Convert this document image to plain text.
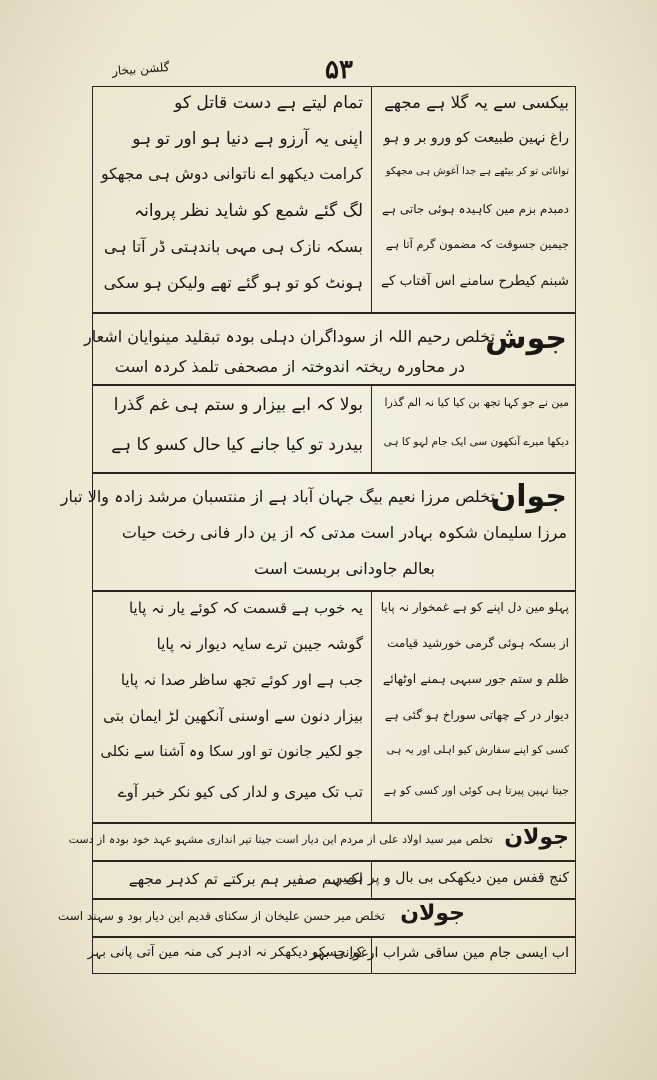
گلشن بیخار	۵۳
بیکسی سے یہ گلا ہے مجھے
راغ نہین طبیعت کو ورو بر و ہو
توانائی تو کر بیٹھے ہے جدا آغوش ہی مجھکو
دمبدم بزم مین کاہیدہ ہوئی جاتی ہے
جیمین جسوقت کہ مضمون گرم آتا ہے
شبنم کیطرح سامنے اس آفتاب کے
تمام لیتے ہے دست قاتل کو
اپنی یہ آرزو ہے دنیا ہو اور تو ہو
کرامت دیکھو اے ناتوانی دوش ہی مجھکو
لگ گئے شمع کو شاید نظر پروانہ
بسکہ نازک ہی مہی باندہتی ڈر آتا ہی
ہونٹ کو تو ہو گئے تھے ولیکن ہو سکی
جوش
تخلص رحیم اللہ از سوداگران دہلی بودہ تبقلید مینوایان اشعار
در محاورہ ریختہ اندوختہ از مصحفی تلمذ کردہ است
مین نے جو کہا تجھ بن کیا کیا نہ الم گذرا
دیکھا میرے آنکھون سی ایک جام لہو کا ہی
بولا کہ ابے بیزار و ستم ہی غم گذرا
بیدرد تو کیا جانے کیا حال کسو کا ہے
جوان
تخلص مرزا نعیم بیگ جہان آباد ہے از منتسبان مرشد زادہ والا تبار
مرزا سلیمان شکوہ بہادر است مدتی کہ از ین دار فانی رخت حیات
بعالم جاودانی بربست است
پہلو مین دل اپنے کو ہے غمخوار نہ پایا
از بسکہ ہوئی گرمی خورشید قیامت
ظلم و ستم جور سبہی ہمنے اوٹھائے
دیوار در کے چھاتی سوراخ ہو گئی ہے
کسی کو اپنے سفارش کیو اہلی اور یہ ہی
جیتا نہین پیرتا ہی کوئی اور کسی کو ہے
یہ خوب ہے قسمت کہ کوئے یار نہ پایا
گوشہ جیبن ترے سایہ دیوار نہ پایا
جب ہے اور کوئے تجھ ساظر صدا نہ پایا
بیزار دنون سے اوسنی آنکھین لڑ ایمان بتی
جو لکیر جانون تو اور سکا وہ آشنا سے نکلی
تب تک میری و لدار کی کیو نکر خبر آوے
جولان
تخلص میر سید اولاد علی از مردم این دیار است جیتا تیر اندازی مشہو عہد خود بودہ از دست
کنج قفس مین دیکھکی بی بال و پر ہمیں
اک ہم صفیر ہم برکتے تم کدہر مجھے
جولان
تخلص میر حسن علیخان از سکنای قدیم این دیار بود و سہند است
اب ایسی جام مین ساقی شراب ارغوانی بہر
کر جسکو دیکھکر نہ ادہر کی منہ مین آتی پانی بہر
